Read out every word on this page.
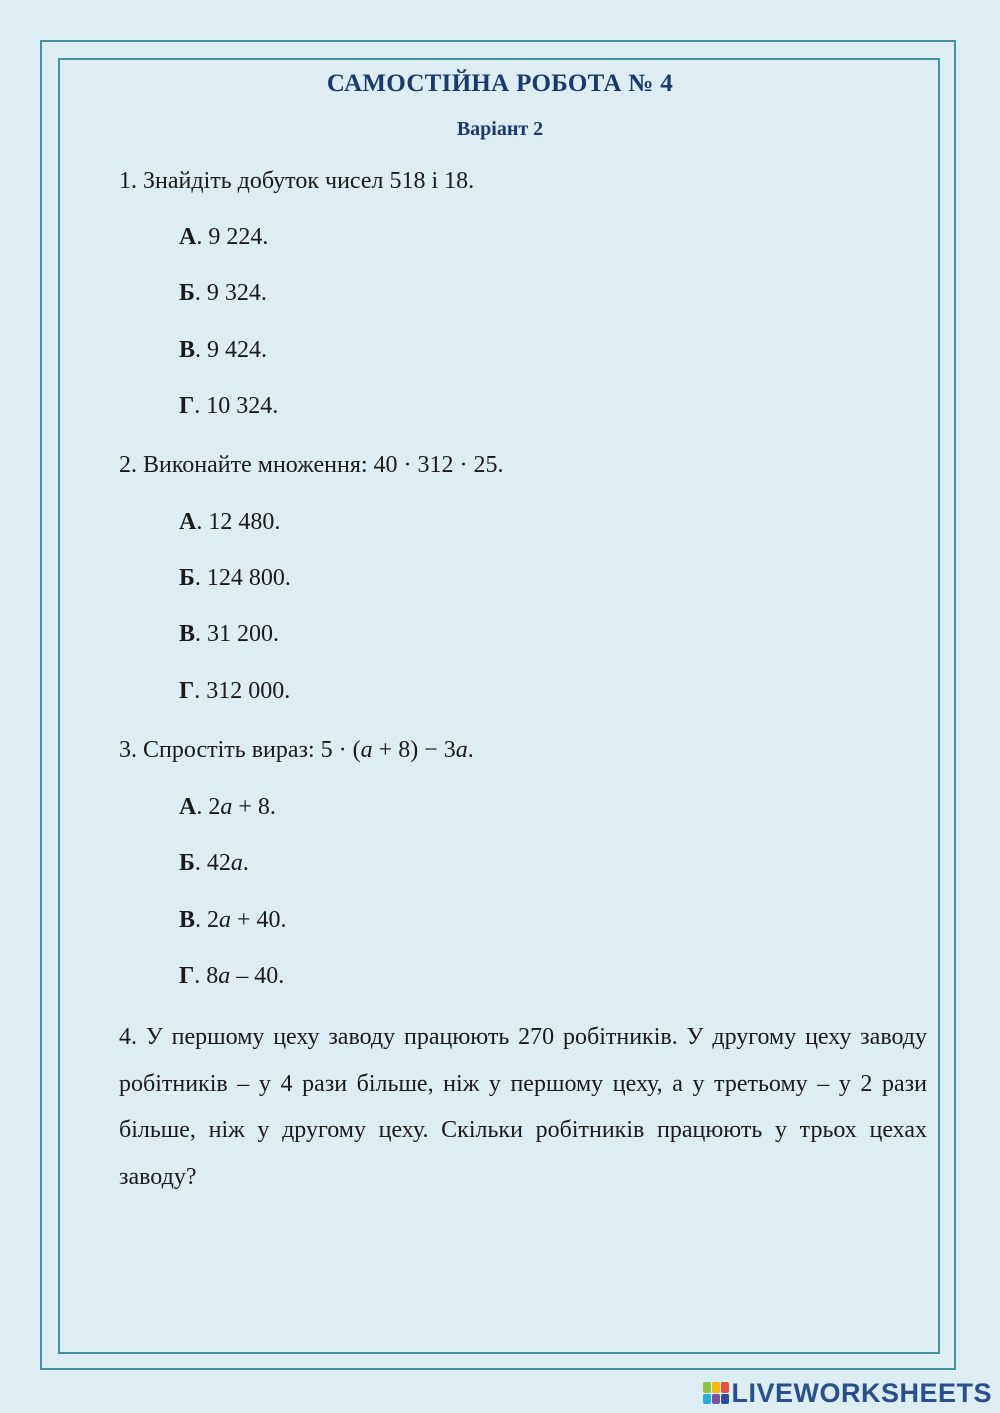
САМОСТІЙНА РОБОТА № 4
Варіант 2
1. Знайдіть добуток чисел 518 і 18.
А. 9 224.
Б. 9 324.
В. 9 424.
Г. 10 324.
2. Виконайте множення: 40 · 312 · 25.
А. 12 480.
Б. 124 800.
В. 31 200.
Г. 312 000.
3. Спростіть вираз: 5 · (a + 8) − 3a.
А. 2a + 8.
Б. 42a.
В. 2a + 40.
Г. 8a – 40.
4. У першому цеху заводу працюють 270 робітників. У другому цеху заводу робітників – у 4 рази більше, ніж у першому цеху, а у третьому – у 2 рази більше, ніж у другому цеху. Скільки робітників працюють у трьох цехах заводу?
LIVEWORKSHEETS
